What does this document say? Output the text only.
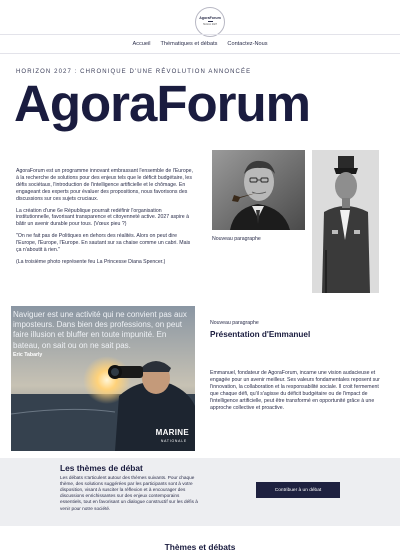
AgoraForum
Horizon 2027
Accueil Thématiques et débats Contactez-Nous
HORIZON 2027 : CHRONIQUE D'UNE RÉVOLUTION ANNONCÉE
AgoraForum

AgoraForum est un programme innovant embrassant l'ensemble de l'Europe, à la recherche de solutions pour des enjeux tels que le déficit budgétaire, les défis sociétaux, l'introduction de l'intelligence artificielle et le chômage. En engageant des experts pour évaluer des propositions, nous favorisons des discussions sur ces sujets cruciaux.

La création d'une 6e République pourrait redéfinir l'organisation institutionnelle, favorisant transparence et citoyenneté active. 2027 aspire à bâtir un avenir durable pour tous. (Vœux pieu ?)

"On ne fait pas de Politiques en dehors des réalités. Alors on peut dire l'Europe, l'Europe, l'Europe. En sautant sur sa chaise comme un cabri. Mais ça n'aboutit à rien."

(La troisième photo représente feu La Princesse Diana Spencer.)

Nouveau paragraphe
Naviguer est une activité qui ne convient pas aux imposteurs. Dans bien des professions, on peut faire illusion et bluffer en toute impunité. En bateau, on sait ou on ne sait pas.
Eric Tabarly
MARINE
NATIONALE
Nouveau paragraphe
Présentation d'Emmanuel

Emmanuel, fondateur de AgoraForum, incarne une vision audacieuse et engagée pour un avenir meilleur. Ses valeurs fondamentales reposent sur l'innovation, la collaboration et la responsabilité sociale. Il croit fermement que chaque défi, qu'il s'agisse du déficit budgétaire ou de l'impact de l'intelligence artificielle, peut être transformé en opportunité grâce à une approche collective et proactive.

Les thèmes de débat

Les débats s'articulent autour des thèmes suivants. Pour chaque thème, des solutions suggérées par les participants sont à votre disposition, visant à susciter la réflexion et à encourager des discussions enrichissantes sur des enjeux contemporains essentiels, tout en favorisant un dialogue constructif sur les défis à venir pour notre société.

Contribuer à un débat
Thèmes et débats
